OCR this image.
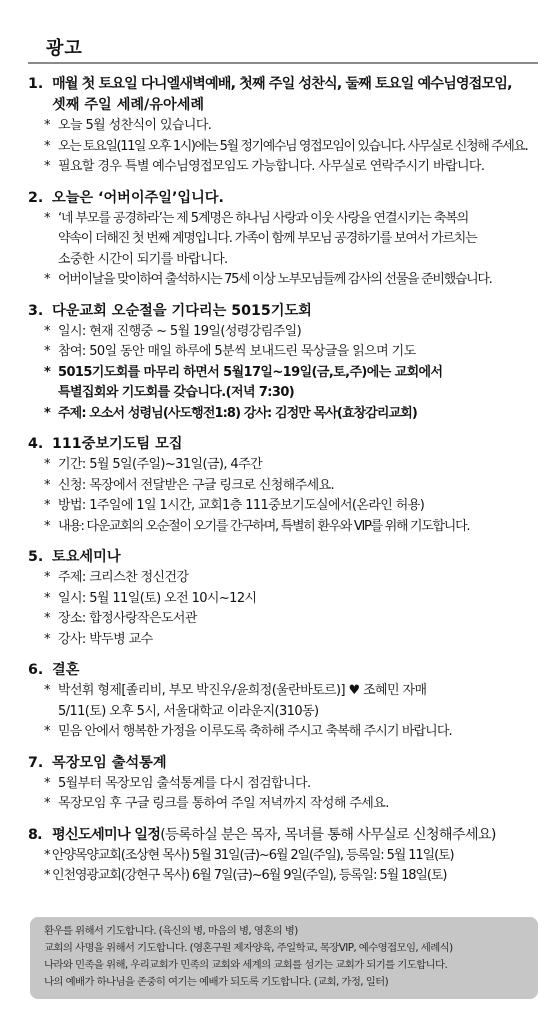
광고
1. 매월 첫 토요일 다니엘새벽예배, 첫째 주일 성찬식, 둘째 토요일 예수님영접모임,
셋째 주일 세례/유아세례
* 오늘 5월 성찬식이 있습니다.
* 오는 토요일(11일 오후 1시)에는 5월 정기예수님 영접모임이 있습니다. 사무실로 신청해 주세요.
* 필요할 경우 특별 예수님영접모임도 가능합니다. 사무실로 연락주시기 바랍니다.
2. 오늘은 ‘어버이주일’입니다.
* ‘네 부모를 공경하라’는 제 5계명은 하나님 사랑과 이웃 사랑을 연결시키는 축복의
약속이 더해진 첫 번째 계명입니다. 가족이 함께 부모님 공경하기를 보여서 가르치는
소중한 시간이 되기를 바랍니다.
* 어버이날을 맞이하여 출석하시는 75세 이상 노부모님들께 감사의 선물을 준비했습니다.
3. 다운교회 오순절을 기다리는 5015기도회
* 일시: 현재 진행중 ~ 5월 19일(성령강림주일)
* 참여: 50일 동안 매일 하루에 5분씩 보내드린 묵상글을 읽으며 기도
* 5015기도회를 마무리 하면서 5월17일~19일(금,토,주)에는 교회에서
특별집회와 기도회를 갖습니다.(저녁 7:30)
* 주제: 오소서 성령님(사도행전1:8) 강사: 김정만 목사(효창감리교회)
4. 111중보기도팀 모집
* 기간: 5월 5일(주일)~31일(금), 4주간
* 신청: 목장에서 전달받은 구글 링크로 신청해주세요.
* 방법: 1주일에 1일 1시간, 교회1층 111중보기도실에서(온라인 허용)
* 내용: 다운교회의 오순절이 오기를 간구하며, 특별히 환우와 VIP를 위해 기도합니다.
5. 토요세미나
* 주제: 크리스찬 정신건강
* 일시: 5월 11일(토) 오전 10시~12시
* 장소: 합정사랑작은도서관
* 강사: 박두병 교수
6. 결혼
* 박선휘 형제[졸리비, 부모 박진우/윤희정(울란바토르)] ♥ 조혜민 자매
5/11(토) 오후 5시, 서울대학교 이라운지(310동)
* 믿음 안에서 행복한 가정을 이루도록 축하해 주시고 축복해 주시기 바랍니다.
7. 목장모임 출석통계
* 5월부터 목장모임 출석통계를 다시 점검합니다.
* 목장모임 후 구글 링크를 통하여 주일 저녁까지 작성해 주세요.
8. 평신도세미나 일정(등록하실 분은 목자, 목녀를 통해 사무실로 신청해주세요)
* 안양목양교회(조상현 목사) 5월 31일(금)~6월 2일(주일), 등록일: 5월 11일(토)
* 인천영광교회(강현구 목사) 6월 7일(금)~6월 9일(주일), 등록일: 5월 18일(토)
환우를 위해서 기도합니다. (육신의 병, 마음의 병, 영혼의 병)
교회의 사명을 위해서 기도합니다. (영혼구원 제자양육, 주일학교, 목장VIP, 예수영접모임, 세례식)
나라와 민족을 위해, 우리교회가 민족의 교회와 세계의 교회를 섬기는 교회가 되기를 기도합니다.
나의 예배가 하나님을 존중히 여기는 예배가 되도록 기도합니다. (교회, 가정, 일터)
